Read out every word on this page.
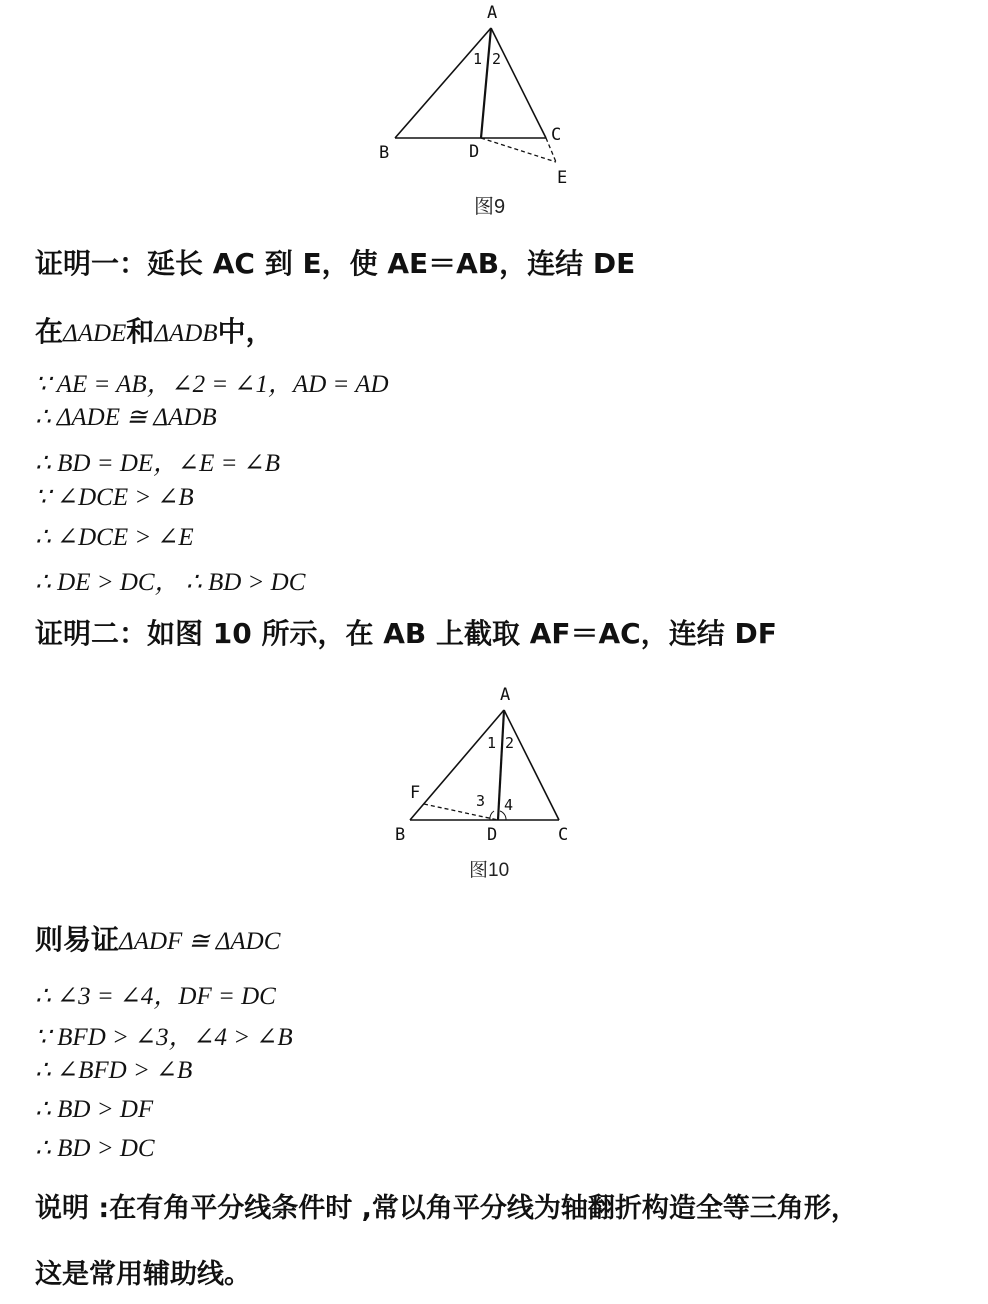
A
B
C
D
E
1 2
图9
证明一：延长 AC 到 E，使 AE＝AB，连结 DE
在ΔADE和ΔADB中，
∵ AE = AB，∠2 = ∠1，AD = AD
∴ ΔADE ≅ ΔADB
∴ BD = DE，∠E = ∠B
∵ ∠DCE > ∠B
∴ ∠DCE > ∠E
∴ DE > DC， ∴ BD > DC
证明二：如图 10 所示，在 AB 上截取 AF＝AC，连结 DF
A
B	C
D
F
1 2
3 4
图10
则易证ΔADF ≅ ΔADC
∴ ∠3 = ∠4，DF = DC
∵ BFD > ∠3，∠4 > ∠B
∴ ∠BFD > ∠B
∴ BD > DF
∴ BD > DC
说明 :在有角平分线条件时 ,常以角平分线为轴翻折构造全等三角形，
这是常用辅助线。
